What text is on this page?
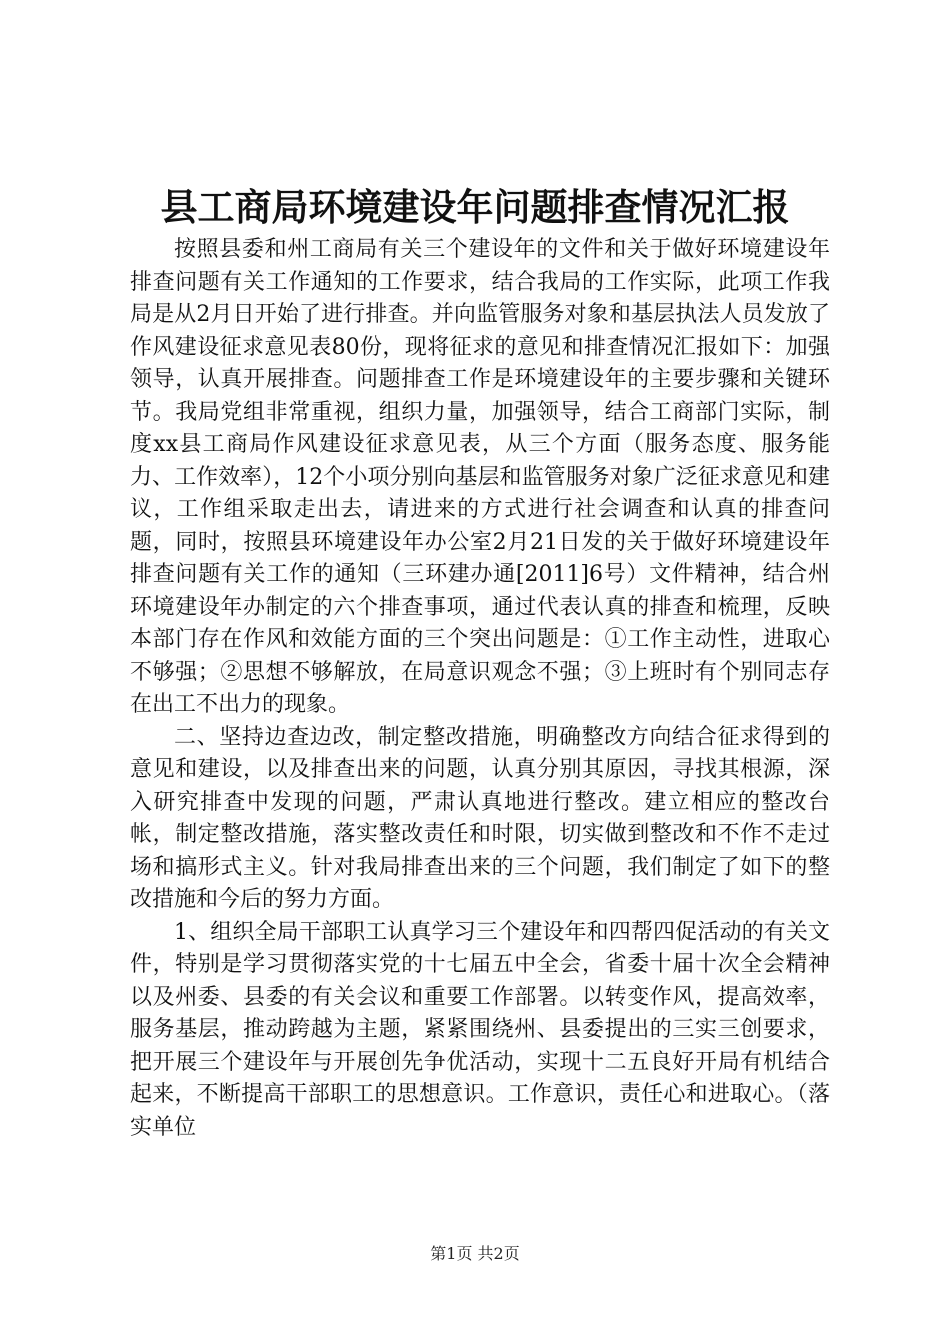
县工商局环境建设年问题排查情况汇报

按照县委和州工商局有关三个建设年的文件和关于做好环境建设年排查问题有关工作通知的工作要求，结合我局的工作实际，此项工作我局是从2月日开始了进行排查。并向监管服务对象和基层执法人员发放了作风建设征求意见表80份，现将征求的意见和排查情况汇报如下：加强领导，认真开展排查。问题排查工作是环境建设年的主要步骤和关键环节。我局党组非常重视，组织力量，加强领导，结合工商部门实际，制度xx县工商局作风建设征求意见表，从三个方面（服务态度、服务能力、工作效率），12个小项分别向基层和监管服务对象广泛征求意见和建议，工作组采取走出去，请进来的方式进行社会调查和认真的排查问题，同时，按照县环境建设年办公室2月21日发的关于做好环境建设年排查问题有关工作的通知（三环建办通[2011]6号）文件精神，结合州环境建设年办制定的六个排查事项，通过代表认真的排查和梳理，反映本部门存在作风和效能方面的三个突出问题是：①工作主动性，进取心不够强；②思想不够解放，在局意识观念不强；③上班时有个别同志存在出工不出力的现象。

二、坚持边查边改，制定整改措施，明确整改方向结合征求得到的意见和建设，以及排查出来的问题，认真分别其原因，寻找其根源，深入研究排查中发现的问题，严肃认真地进行整改。建立相应的整改台帐，制定整改措施，落实整改责任和时限，切实做到整改和不作不走过场和搞形式主义。针对我局排查出来的三个问题，我们制定了如下的整改措施和今后的努力方面。

1、组织全局干部职工认真学习三个建设年和四帮四促活动的有关文件，特别是学习贯彻落实党的十七届五中全会，省委十届十次全会精神以及州委、县委的有关会议和重要工作部署。以转变作风，提高效率，服务基层，推动跨越为主题，紧紧围绕州、县委提出的三实三创要求，把开展三个建设年与开展创先争优活动，实现十二五良好开局有机结合起来，不断提高干部职工的思想意识。工作意识，责任心和进取心。（落实单位

第1页 共2页
